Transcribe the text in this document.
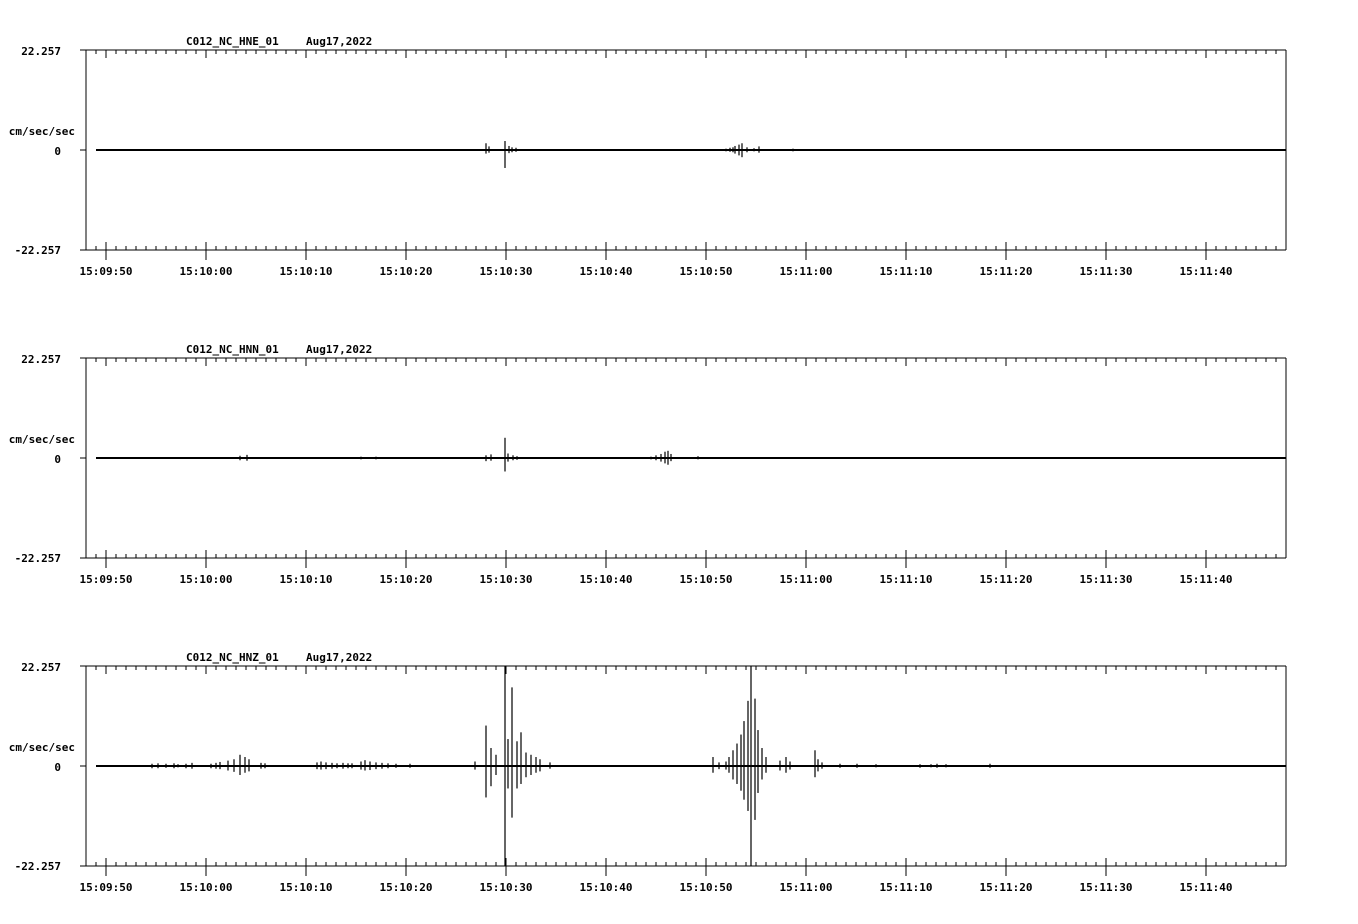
C012_NC_HNE_01 Aug17,2022
22.257
cm/sec/sec
0
-22.257
15:09:50	15:10:00	15:10:10	15:10:20	15:10:30	15:10:40	15:10:50	15:11:00	15:11:10	15:11:20	15:11:30	15:11:40
C012_NC_HNN_01 Aug17,2022
22.257
cm/sec/sec
0
-22.257
15:09:50	15:10:00	15:10:10	15:10:20	15:10:30	15:10:40	15:10:50	15:11:00	15:11:10	15:11:20	15:11:30	15:11:40
C012_NC_HNZ_01 Aug17,2022
22.257
cm/sec/sec
0
-22.257
15:09:50	15:10:00	15:10:10	15:10:20	15:10:30	15:10:40	15:10:50	15:11:00	15:11:10	15:11:20	15:11:30	15:11:40
